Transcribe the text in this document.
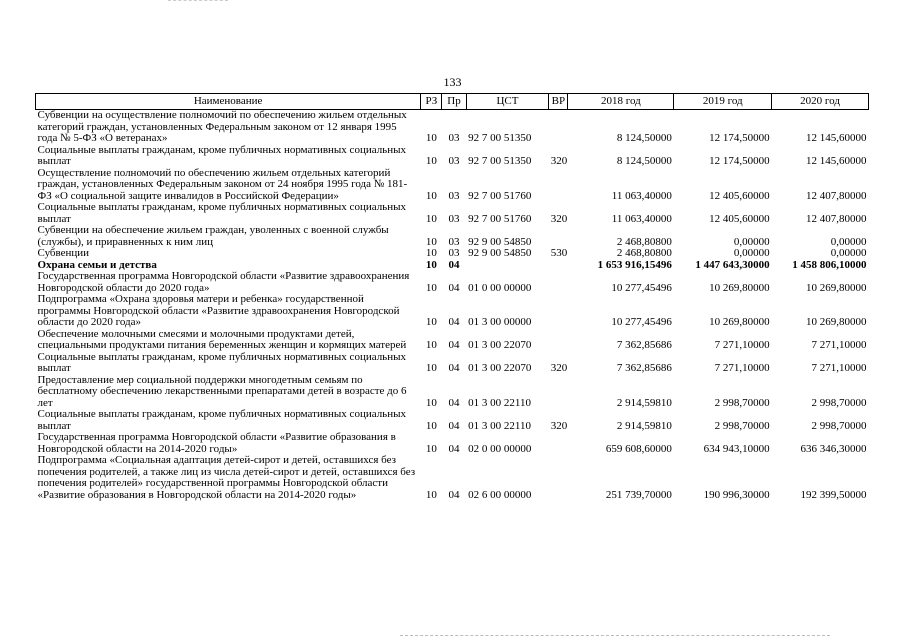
133
Наименование	РЗ	Пр	ЦСТ	ВР	2018 год	2019 год	2020 год
Субвенции на осуществление полномочий по обеспечению жильем отдельных категорий граждан, установленных Федеральным законом от 12 января 1995 года № 5-ФЗ «О ветеранах»	10	03	92 7 00 51350		8 124,50000	12 174,50000	12 145,60000
Социальные выплаты гражданам, кроме публичных нормативных социальных выплат	10	03	92 7 00 51350	320	8 124,50000	12 174,50000	12 145,60000
Осуществление полномочий по обеспечению жильем отдельных категорий граждан, установленных Федеральным законом от 24 ноября 1995 года № 181-ФЗ «О социальной защите инвалидов в Российской Федерации»	10	03	92 7 00 51760		11 063,40000	12 405,60000	12 407,80000
Социальные выплаты гражданам, кроме публичных нормативных социальных выплат	10	03	92 7 00 51760	320	11 063,40000	12 405,60000	12 407,80000
Субвенции на обеспечение жильем граждан, уволенных с военной службы (службы), и приравненных к ним лиц	10	03	92 9 00 54850		2 468,80800	0,00000	0,00000
Субвенции	10	03	92 9 00 54850	530	2 468,80800	0,00000	0,00000
Охрана семьи и детства	10	04			1 653 916,15496	1 447 643,30000	1 458 806,10000
Государственная программа Новгородской области «Развитие здравоохранения Новгородской области до 2020 года»	10	04	01 0 00 00000		10 277,45496	10 269,80000	10 269,80000
Подпрограмма «Охрана здоровья матери и ребенка» государственной программы Новгородской области «Развитие здравоохранения Новгородской области до 2020 года»	10	04	01 3 00 00000		10 277,45496	10 269,80000	10 269,80000
Обеспечение молочными смесями и молочными продуктами детей, специальными продуктами питания беременных женщин и кормящих матерей	10	04	01 3 00 22070		7 362,85686	7 271,10000	7 271,10000
Социальные выплаты гражданам, кроме публичных нормативных социальных выплат	10	04	01 3 00 22070	320	7 362,85686	7 271,10000	7 271,10000
Предоставление мер социальной поддержки многодетным семьям по бесплатному обеспечению лекарственными препаратами детей в возрасте до 6 лет	10	04	01 3 00 22110		2 914,59810	2 998,70000	2 998,70000
Социальные выплаты гражданам, кроме публичных нормативных социальных выплат	10	04	01 3 00 22110	320	2 914,59810	2 998,70000	2 998,70000
Государственная программа Новгородской области «Развитие образования в Новгородской области на 2014-2020 годы»	10	04	02 0 00 00000		659 608,60000	634 943,10000	636 346,30000
Подпрограмма «Социальная адаптация детей-сирот и детей, оставшихся без попечения родителей, а также лиц из числа детей-сирот и детей, оставшихся без попечения родителей» государственной программы Новгородской области «Развитие образования в Новгородской области на 2014-2020 годы»	10	04	02 6 00 00000		251 739,70000	190 996,30000	192 399,50000
